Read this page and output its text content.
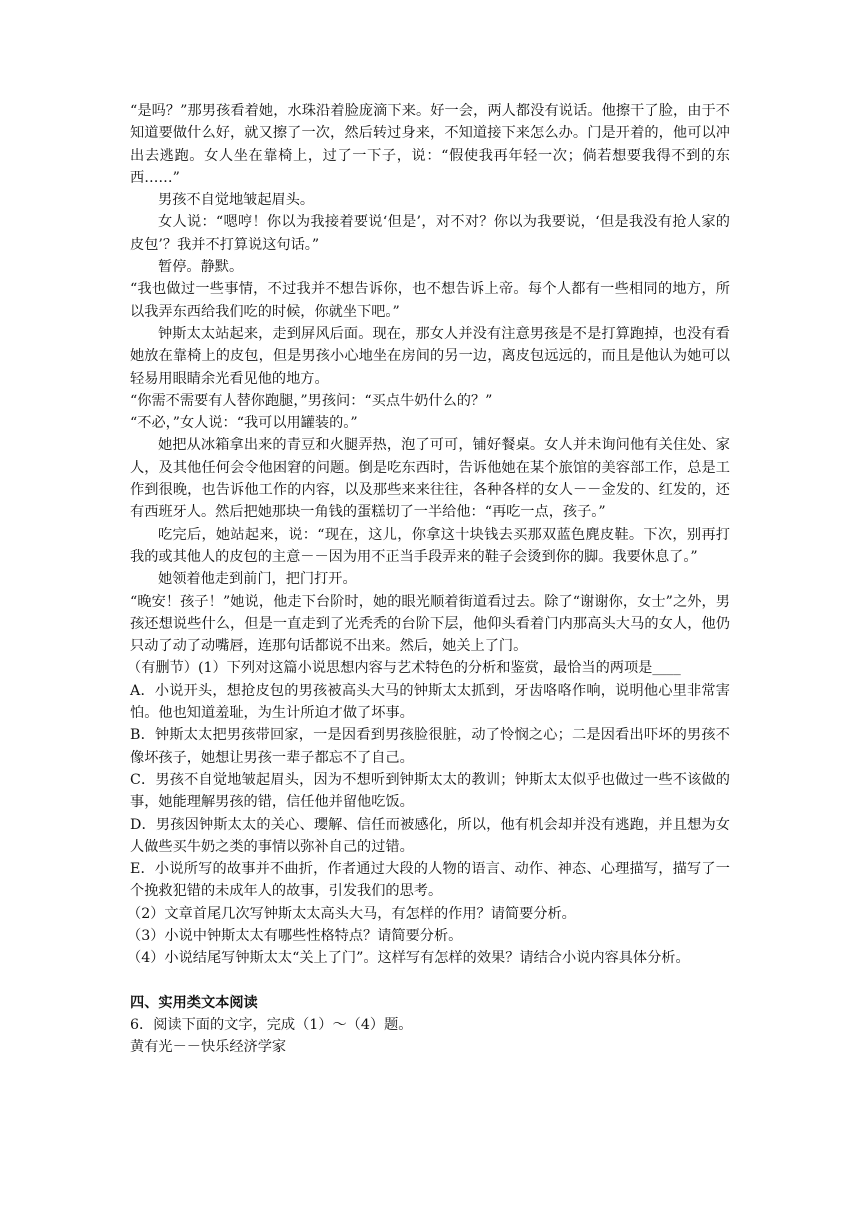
“是吗？”那男孩看着她，水珠沿着脸庞滴下来。好一会，两人都没有说话。他擦干了脸，由于不知道要做什么好，就又擦了一次，然后转过身来，不知道接下来怎么办。门是开着的，他可以冲出去逃跑。女人坐在靠椅上，过了一下子，说：“假使我再年轻一次；倘若想要我得不到的东西……”

男孩不自觉地皱起眉头。

女人说：“嗯哼！你以为我接着要说‘但是’，对不对？你以为我要说，‘但是我没有抢人家的皮包’？我并不打算说这句话。”

暂停。静默。

“我也做过一些事情，不过我并不想告诉你，也不想告诉上帝。每个人都有一些相同的地方，所以我弄东西给我们吃的时候，你就坐下吧。”

钟斯太太站起来，走到屏风后面。现在，那女人并没有注意男孩是不是打算跑掉，也没有看她放在靠椅上的皮包，但是男孩小心地坐在房间的另一边，离皮包远远的，而且是他认为她可以轻易用眼睛余光看见他的地方。

“你需不需要有人替你跑腿，”男孩问：“买点牛奶什么的？”

“不必，”女人说：“我可以用罐装的。”

她把从冰箱拿出来的青豆和火腿弄热，泡了可可，铺好餐桌。女人并未询问他有关住处、家人，及其他任何会令他困窘的问题。倒是吃东西时，告诉他她在某个旅馆的美容部工作，总是工作到很晚，也告诉他工作的内容，以及那些来来往往，各种各样的女人－－金发的、红发的，还有西班牙人。然后把她那块一角钱的蛋糕切了一半给他：“再吃一点，孩子。”

吃完后，她站起来，说：“现在，这儿，你拿这十块钱去买那双蓝色麂皮鞋。下次，别再打我的或其他人的皮包的主意－－因为用不正当手段弄来的鞋子会烫到你的脚。我要休息了。”

她领着他走到前门，把门打开。

“晚安！孩子！”她说，他走下台阶时，她的眼光顺着街道看过去。除了“谢谢你，女士”之外，男孩还想说些什么，但是一直走到了光秃秃的台阶下层，他仰头看着门内那高头大马的女人，他仍只动了动了动嘴唇，连那句话都说不出来。然后，她关上了门。

（有删节）(1）下列对这篇小说思想内容与艺术特色的分析和鉴赏，最恰当的两项是____

A．小说开头，想抢皮包的男孩被高头大马的钟斯太太抓到，牙齿咯咯作响，说明他心里非常害怕。他也知道羞耻，为生计所迫才做了坏事。

B．钟斯太太把男孩带回家，一是因看到男孩脸很脏，动了怜悯之心；二是因看出吓坏的男孩不像坏孩子，她想让男孩一辈子都忘不了自己。

C．男孩不自觉地皱起眉头，因为不想听到钟斯太太的教训；钟斯太太似乎也做过一些不该做的事，她能理解男孩的错，信任他并留他吃饭。

D．男孩因钟斯太太的关心、瓔解、信任而被感化，所以，他有机会却并没有逃跑，并且想为女人做些买牛奶之类的事情以弥补自己的过错。

E．小说所写的故事并不曲折，作者通过大段的人物的语言、动作、神态、心理描写，描写了一个挽救犯错的未成年人的故事，引发我们的思考。

（2）文章首尾几次写钟斯太太高头大马，有怎样的作用？请简要分析。

（3）小说中钟斯太太有哪些性格特点？请简要分析。

（4）小说结尾写钟斯太太“关上了门”。这样写有怎样的效果？请结合小说内容具体分析。

四、实用类文本阅读

6．阅读下面的文字，完成（1）～（4）题。

黄有光－－快乐经济学家
